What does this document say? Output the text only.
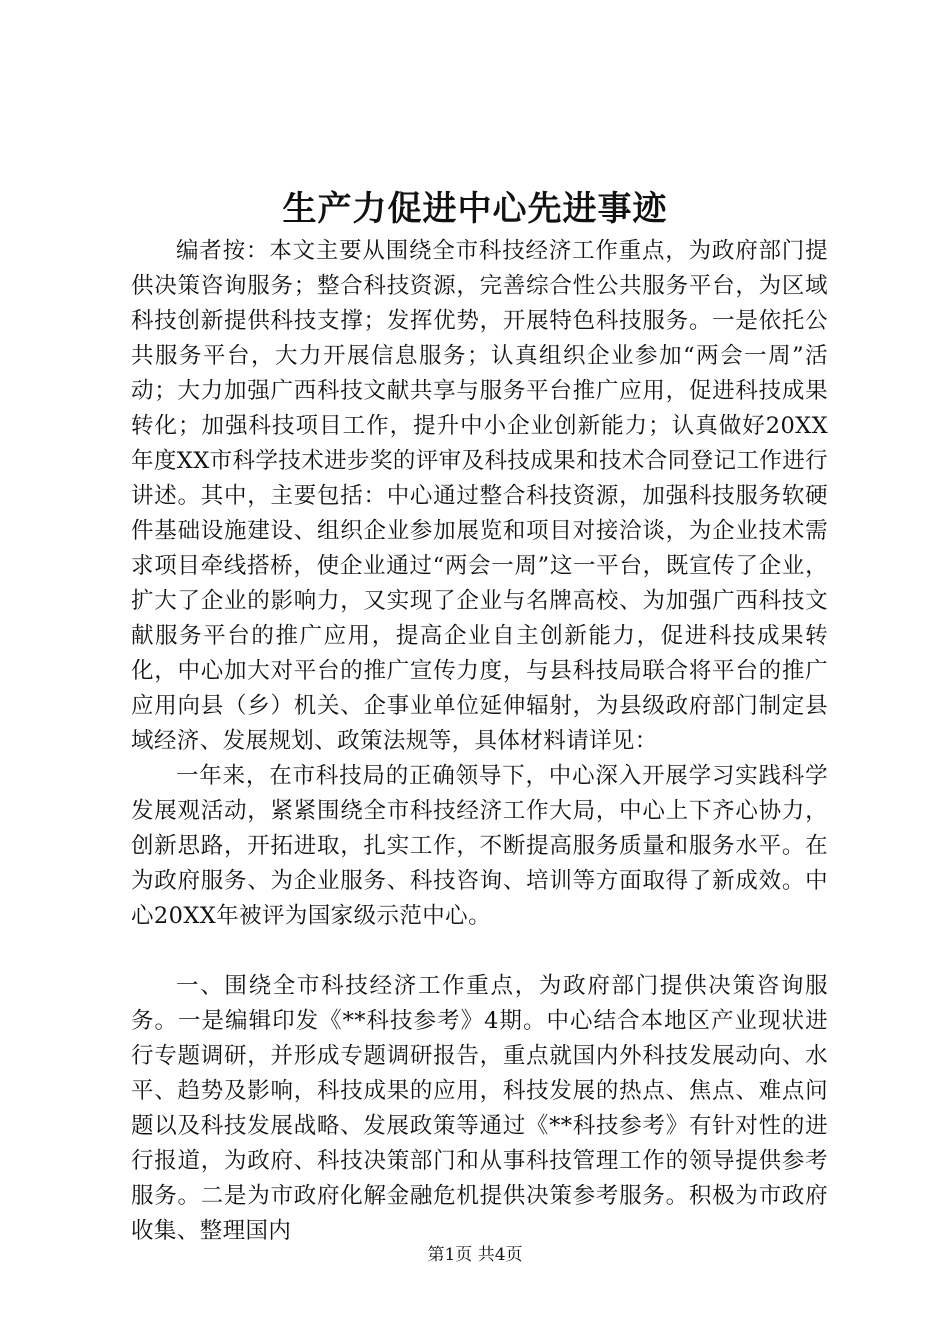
生产力促进中心先进事迹

编者按：本文主要从围绕全市科技经济工作重点，为政府部门提供决策咨询服务；整合科技资源，完善综合性公共服务平台，为区域科技创新提供科技支撑；发挥优势，开展特色科技服务。一是依托公共服务平台，大力开展信息服务；认真组织企业参加“两会一周”活动；大力加强广西科技文献共享与服务平台推广应用，促进科技成果转化；加强科技项目工作，提升中小企业创新能力；认真做好20XX年度XX市科学技术进步奖的评审及科技成果和技术合同登记工作进行讲述。其中，主要包括：中心通过整合科技资源，加强科技服务软硬件基础设施建设、组织企业参加展览和项目对接洽谈，为企业技术需求项目牵线搭桥，使企业通过“两会一周”这一平台，既宣传了企业，扩大了企业的影响力，又实现了企业与名牌高校、为加强广西科技文献服务平台的推广应用，提高企业自主创新能力，促进科技成果转化，中心加大对平台的推广宣传力度，与县科技局联合将平台的推广应用向县（乡）机关、企事业单位延伸辐射，为县级政府部门制定县域经济、发展规划、政策法规等，具体材料请详见：

一年来，在市科技局的正确领导下，中心深入开展学习实践科学发展观活动，紧紧围绕全市科技经济工作大局，中心上下齐心协力，创新思路，开拓进取，扎实工作，不断提高服务质量和服务水平。在为政府服务、为企业服务、科技咨询、培训等方面取得了新成效。中心20XX年被评为国家级示范中心。

一、围绕全市科技经济工作重点，为政府部门提供决策咨询服务。一是编辑印发《**科技参考》4期。中心结合本地区产业现状进行专题调研，并形成专题调研报告，重点就国内外科技发展动向、水平、趋势及影响，科技成果的应用，科技发展的热点、焦点、难点问题以及科技发展战略、发展政策等通过《**科技参考》有针对性的进行报道，为政府、科技决策部门和从事科技管理工作的领导提供参考服务。二是为市政府化解金融危机提供决策参考服务。积极为市政府收集、整理国内

第1页 共4页
